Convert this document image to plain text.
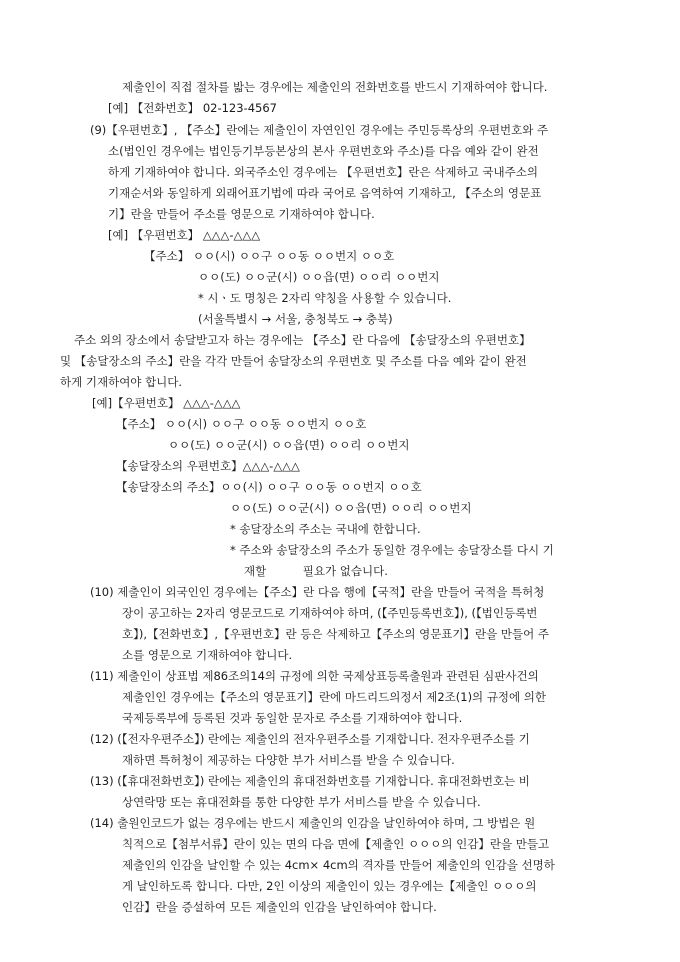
제출인이 직접 절차를 밟는 경우에는 제출인의 전화번호를 반드시 기재하여야 합니다.
[예] 【전화번호】 02-123-4567
(9)【우편번호】, 【주소】란에는 제출인이 자연인인 경우에는 주민등록상의 우편번호와 주
소(법인인 경우에는 법인등기부등본상의 본사 우편번호와 주소)를 다음 예와 같이 완전
하게 기재하여야 합니다. 외국주소인 경우에는 【우편번호】란은 삭제하고 국내주소의
기재순서와 동일하게 외래어표기법에 따라 국어로 음역하여 기재하고, 【주소의 영문표
기】란을 만들어 주소를 영문으로 기재하여야 합니다.
[예] 【우편번호】 △△△-△△△
【주소】 ㅇㅇ(시) ㅇㅇ구 ㅇㅇ동 ㅇㅇ번지 ㅇㅇ호
ㅇㅇ(도) ㅇㅇ군(시) ㅇㅇ읍(면) ㅇㅇ리 ㅇㅇ번지
* 시ㆍ도 명칭은 2자리 약칭을 사용할 수 있습니다.
(서울특별시 → 서울, 충청북도 → 충북)
주소 외의 장소에서 송달받고자 하는 경우에는 【주소】란 다음에 【송달장소의 우편번호】
및 【송달장소의 주소】란을 각각 만들어 송달장소의 우편번호 및 주소를 다음 예와 같이 완전
하게 기재하여야 합니다.
[예]【우편번호】 △△△-△△△
【주소】 ㅇㅇ(시) ㅇㅇ구 ㅇㅇ동 ㅇㅇ번지 ㅇㅇ호
ㅇㅇ(도) ㅇㅇ군(시) ㅇㅇ읍(면) ㅇㅇ리 ㅇㅇ번지
【송달장소의 우편번호】△△△-△△△
【송달장소의 주소】ㅇㅇ(시) ㅇㅇ구 ㅇㅇ동 ㅇㅇ번지 ㅇㅇ호
ㅇㅇ(도) ㅇㅇ군(시) ㅇㅇ읍(면) ㅇㅇ리 ㅇㅇ번지
* 송달장소의 주소는 국내에 한합니다.
* 주소와 송달장소의 주소가 동일한 경우에는 송달장소를 다시 기
재할          필요가 없습니다.
(10) 제출인이 외국인인 경우에는【주소】란 다음 행에【국적】란을 만들어 국적을 특허청
장이 공고하는 2자리 영문코드로 기재하여야 하며, (【주민등록번호】), (【법인등록번
호】),【전화번호】,【우편번호】란 등은 삭제하고【주소의 영문표기】란을 만들어 주
소를 영문으로 기재하여야 합니다.
(11) 제출인이 상표법 제86조의14의 규정에 의한 국제상표등록출원과 관련된 심판사건의
제출인인 경우에는【주소의 영문표기】란에 마드리드의정서 제2조(1)의 규정에 의한
국제등록부에 등록된 것과 동일한 문자로 주소를 기재하여야 합니다.
(12) (【전자우편주소】) 란에는 제출인의 전자우편주소를 기재합니다. 전자우편주소를 기
재하면 특허청이 제공하는 다양한 부가 서비스를 받을 수 있습니다.
(13) (【휴대전화번호】) 란에는 제출인의 휴대전화번호를 기재합니다. 휴대전화번호는 비
상연락망 또는 휴대전화를 통한 다양한 부가 서비스를 받을 수 있습니다.
(14) 출원인코드가 없는 경우에는 반드시 제출인의 인감을 날인하여야 하며, 그 방법은 원
칙적으로【첨부서류】란이 있는 면의 다음 면에【제출인 ㅇㅇㅇ의 인감】란을 만들고
제출인의 인감을 날인할 수 있는 4cm× 4cm의 격자를 만들어 제출인의 인감을 선명하
게 날인하도록 합니다. 다만, 2인 이상의 제출인이 있는 경우에는【제출인 ㅇㅇㅇ의
인감】란을 증설하여 모든 제출인의 인감을 날인하여야 합니다.
